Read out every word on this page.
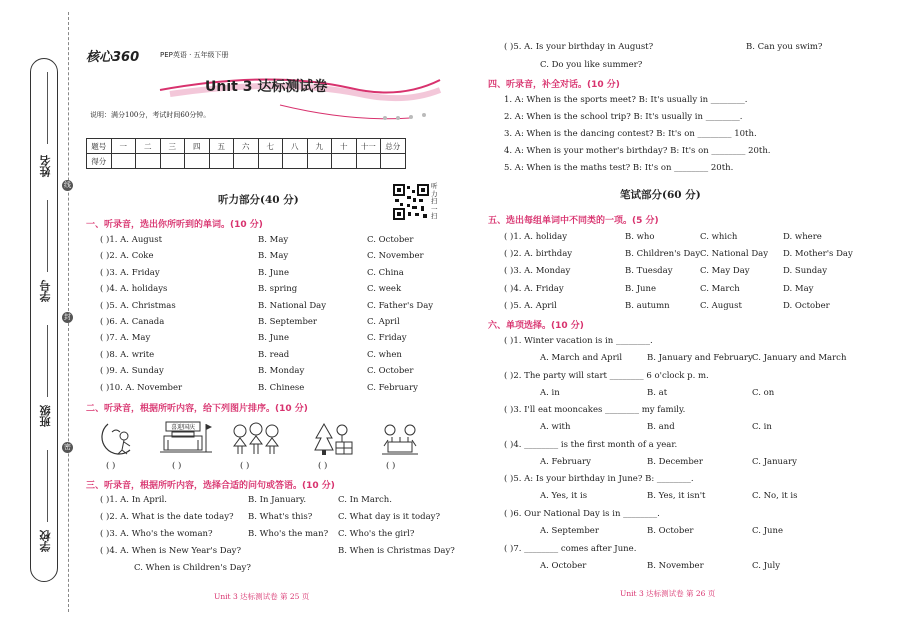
姓名
学号
班级
学校
线
封
密
核心360	PEP英语 · 五年级下册
Unit 3 达标测试卷
说明：满分100分，考试时间60分钟。
题号	一	二	三	四	五	六	七	八	九	十	十一	总分
得分												
听力部分(40 分)
听力扫一扫
一、听录音，选出你所听到的单词。(10 分)
( )1. A. August	B. May	C. October
( )2. A. Coke	B. May	C. November
( )3. A. Friday	B. June	C. China
( )4. A. holidays	B. spring	C. week
( )5. A. Christmas	B. National Day	C. Father's Day
( )6. A. Canada	B. September	C. April
( )7. A. May	B. June	C. Friday
( )8. A. write	B. read	C. when
( )9. A. Sunday	B. Monday	C. October
( )10. A. November	B. Chinese	C. February
二、听录音，根据所听内容，给下列图片排序。(10 分)
喜迎国庆
( )	( )	( )	( )	( )
三、听录音，根据所听内容，选择合适的问句或答语。(10 分)
( )1. A. In April.	B. In January.	C. In March.
( )2. A. What is the date today? B. What's this?	C. What day is it today?
( )3. A. Who's the woman?	B. Who's the man? C. Who's the girl?
( )4. A. When is New Year's Day?	B. When is Christmas Day?
C. When is Children's Day?
Unit 3 达标测试卷 第 25 页
( )5. A. Is your birthday in August?	B. Can you swim?
C. Do you like summer?
四、听录音，补全对话。(10 分)
1. A: When is the sports meet? B: It's usually in ________.
2. A: When is the school trip? B: It's usually in ________.
3. A: When is the dancing contest? B: It's on ________ 10th.
4. A: When is your mother's birthday? B: It's on ________ 20th.
5. A: When is the maths test? B: It's on ________ 20th.
笔试部分(60 分)
五、选出每组单词中不同类的一项。(5 分)
( )1. A. holiday	B. who	C. which	D. where
( )2. A. birthday	B. Children's Day C. National Day D. Mother's Day
( )3. A. Monday	B. Tuesday	C. May Day	D. Sunday
( )4. A. Friday	B. June	C. March	D. May
( )5. A. April	B. autumn	C. August	D. October
六、单项选择。(10 分)
( )1. Winter vacation is in ________.
A. March and April	B. January and February C. January and March
( )2. The party will start ________ 6 o'clock p. m.
A. in	B. at	C. on
( )3. I'll eat mooncakes ________ my family.
A. with	B. and	C. in
( )4. ________ is the first month of a year.
A. February	B. December	C. January
( )5. A: Is your birthday in June? B: ________.
A. Yes, it is	B. Yes, it isn't	C. No, it is
( )6. Our National Day is in ________.
A. September	B. October	C. June
( )7. ________ comes after June.
A. October	B. November	C. July
Unit 3 达标测试卷 第 26 页
